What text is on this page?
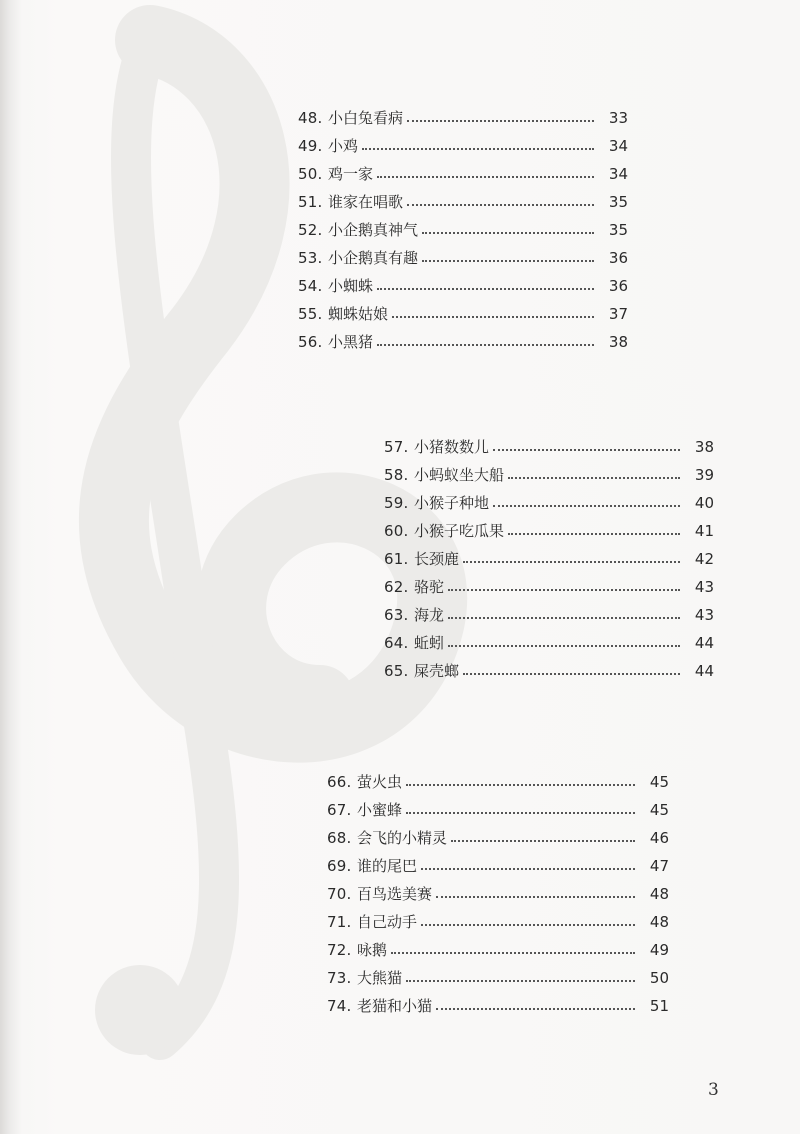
48. 小白兔看病	33
49. 小鸡	34
50. 鸡一家	34
51. 谁家在唱歌	35
52. 小企鹅真神气	35
53. 小企鹅真有趣	36
54. 小蜘蛛	36
55. 蜘蛛姑娘	37
56. 小黑猪	38
57. 小猪数数儿	38
58. 小蚂蚁坐大船	39
59. 小猴子种地	40
60. 小猴子吃瓜果	41
61. 长颈鹿	42
62. 骆驼	43
63. 海龙	43
64. 蚯蚓	44
65. 屎壳螂	44
66. 萤火虫	45
67. 小蜜蜂	45
68. 会飞的小精灵	46
69. 谁的尾巴	47
70. 百鸟选美赛	48
71. 自己动手	48
72. 咏鹅	49
73. 大熊猫	50
74. 老猫和小猫	51
3
